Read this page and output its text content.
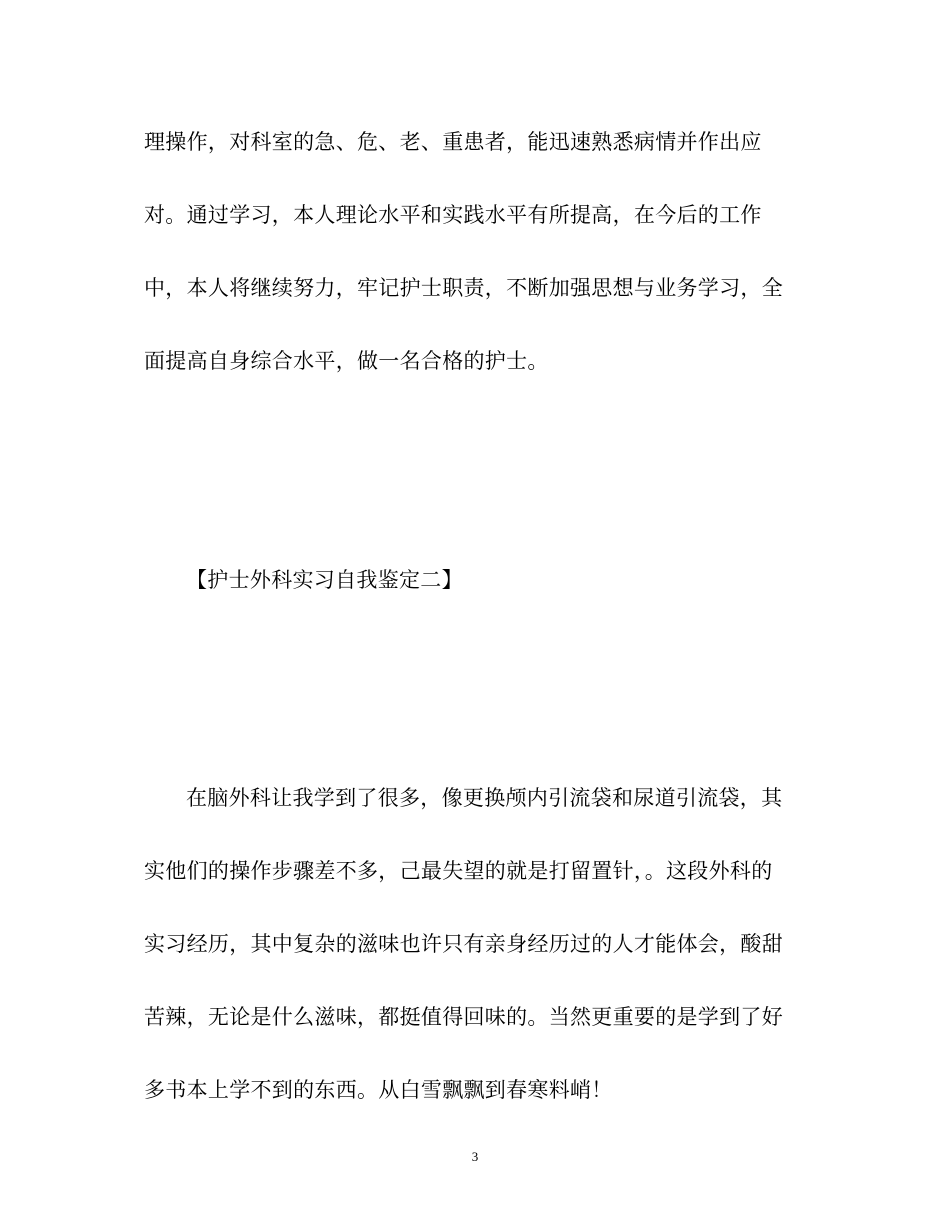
理操作，对科室的急、危、老、重患者，能迅速熟悉病情并作出应
对。通过学习，本人理论水平和实践水平有所提高，在今后的工作
中，本人将继续努力，牢记护士职责，不断加强思想与业务学习，全
面提高自身综合水平，做一名合格的护士。
【护士外科实习自我鉴定二】
在脑外科让我学到了很多，像更换颅内引流袋和尿道引流袋，其
实他们的操作步骤差不多，己最失望的就是打留置针，。这段外科的
实习经历，其中复杂的滋味也许只有亲身经历过的人才能体会，酸甜
苦辣，无论是什么滋味，都挺值得回味的。当然更重要的是学到了好
多书本上学不到的东西。从白雪飘飘到春寒料峭！
3
